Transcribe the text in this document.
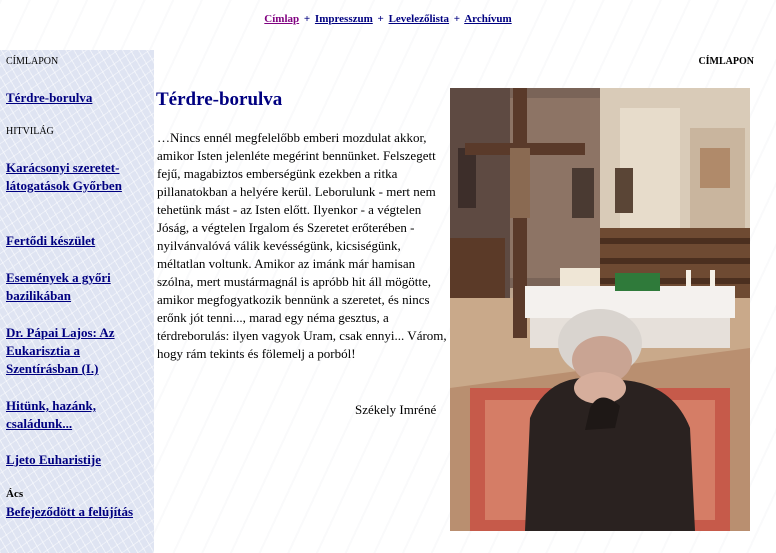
Címlap + Impresszum + Levelezőlista + Archívum
CÍMLAPON
Térdre-borulva
HITVILÁG
Karácsonyi szeretet-látogatások Győrben
Fertődi készület
Események a győri bazilikában
Dr. Pápai Lajos: Az Eukarisztia a Szentírásban (I.)
Hitünk, hazánk, családunk...
Ljeto Euharistije
Ács
Befejeződött a felújítás
CÍMLAPON
Térdre-borulva

…Nincs ennél megfelelőbb emberi mozdulat akkor, amikor Isten jelenléte megérint bennünket. Felszegett fejű, magabiztos emberségünk ezekben a ritka pillanatokban a helyére kerül. Leborulunk - mert nem tehetünk mást - az Isten előtt. Ilyenkor - a végtelen Jóság, a végtelen Irgalom és Szeretet erőterében - nyilvánvalóvá válik kevésségünk, kicsiségünk, méltatlan voltunk. Amikor az imánk már hamisan szólna, mert mustármagnál is apróbb hit áll mögötte, amikor megfogyatkozik bennünk a szeretet, és nincs erőnk jót tenni..., marad egy néma gesztus, a térdreborulás: ilyen vagyok Uram, csak ennyi... Várom, hogy rám tekints és fölemelj a porból!

Székely Imréné
